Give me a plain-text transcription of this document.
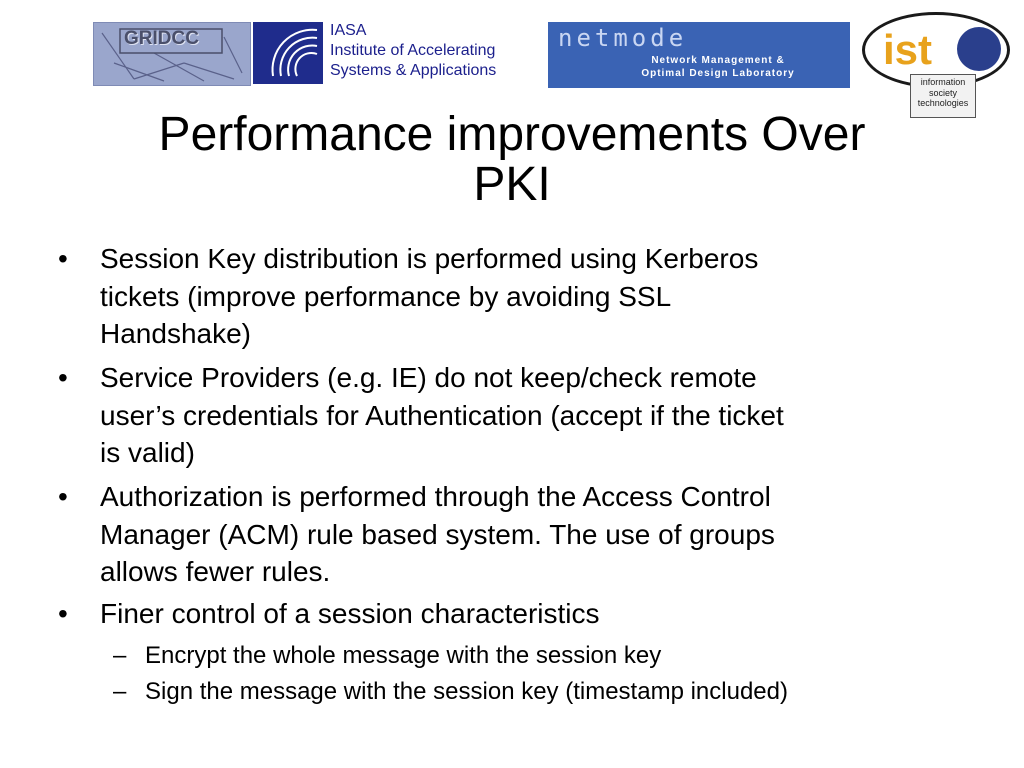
GRIDCC	IASA
Institute of Accelerating
Systems & Applications
netmode
Network Management &
Optimal Design Laboratory
ist
information
society
technologies
Performance improvements Over
PKI
• Session Key distribution is performed using Kerberos
tickets (improve performance by avoiding SSL
Handshake)
• Service Providers (e.g. IE) do not keep/check remote
user’s credentials for Authentication (accept if the ticket
is valid)
• Authorization is performed through the Access Control
Manager (ACM) rule based system. The use of groups
allows fewer rules.
• Finer control of a session characteristics
– Encrypt the whole message with the session key
– Sign the message with the session key (timestamp included)
